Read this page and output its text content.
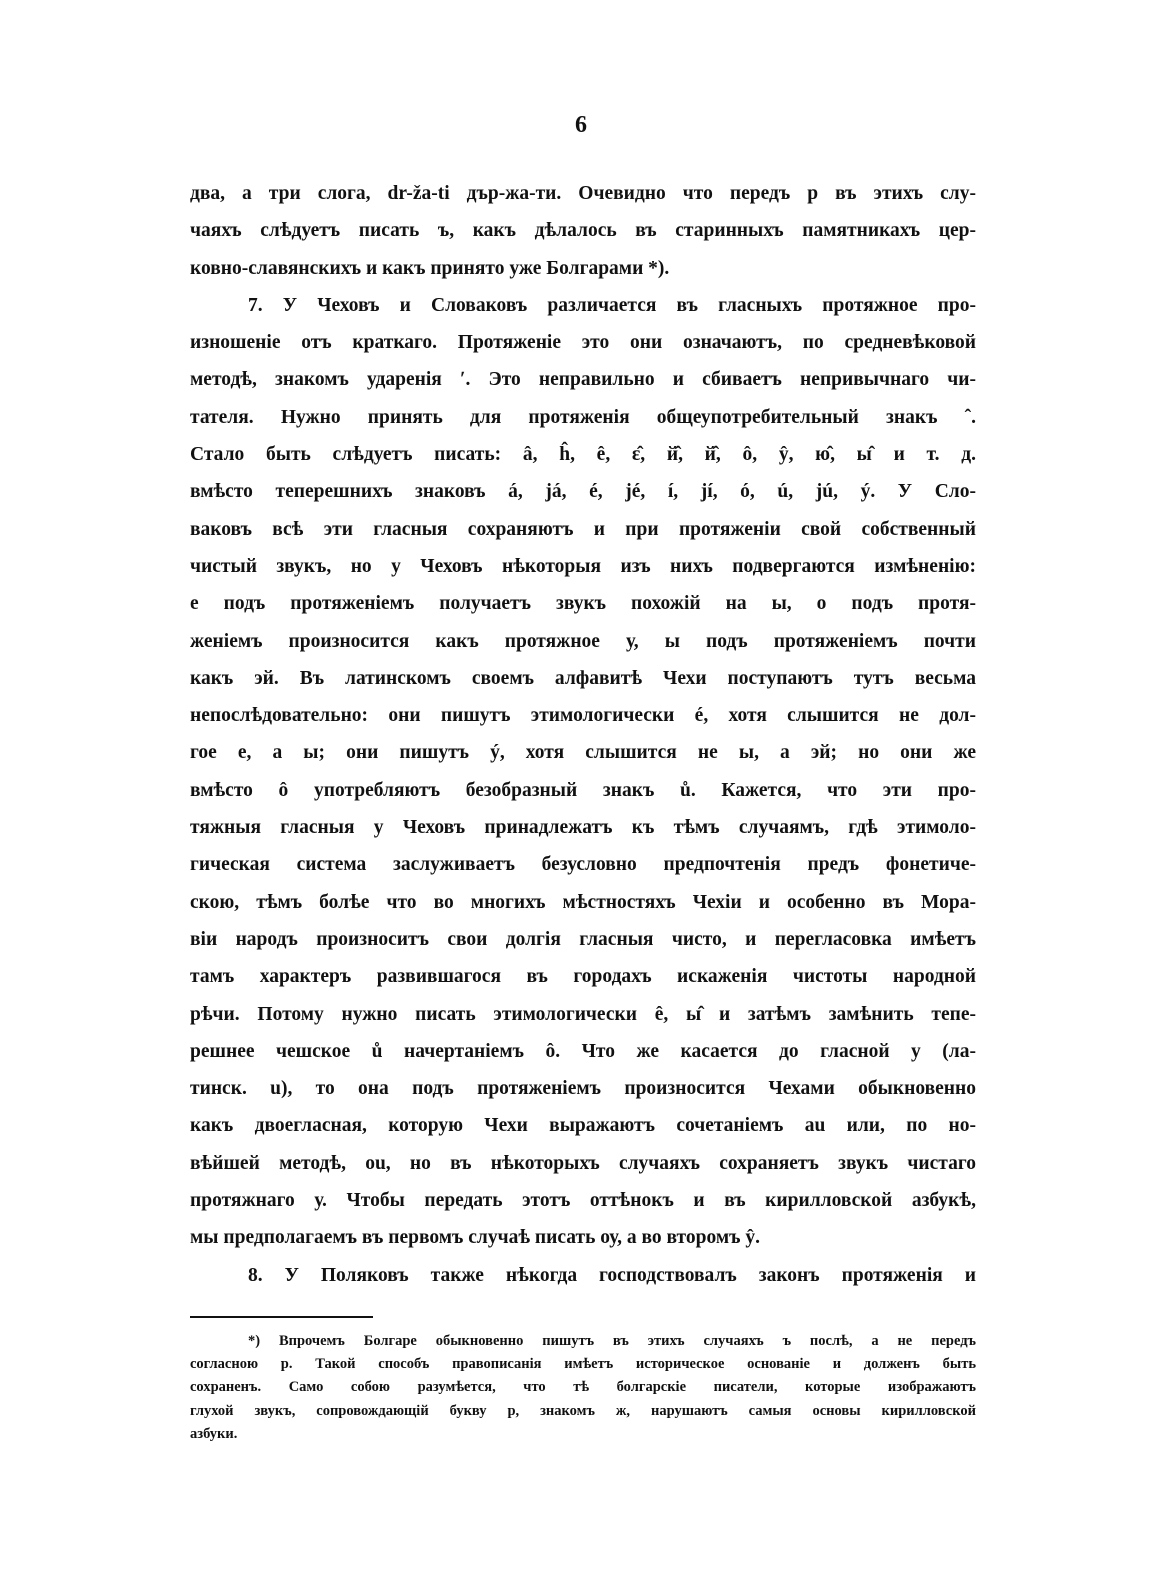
6
два, а три слога, dr-ža-ti дър-жа-ти. Очевидно что передъ р въ этихъ слу-
чаяхъ слѣдуетъ писать ъ, какъ дѣлалось въ старинныхъ памятникахъ цер-
ковно-славянскихъ и какъ принято уже Болгарами *).
7. У Чеховъ и Словаковъ различается въ гласныхъ протяжное про-
изношеніе отъ краткаго. Протяженіе это они означаютъ, по средневѣковой
методѣ, знакомъ ударенія ʹ. Это неправильно и сбиваетъ непривычнаго чи-
тателя. Нужно принять для протяженія общеупотребительный знакъ ˆ.
Стало быть слѣдуетъ писать: â, ĥ, ê, ɛ̂, й̂, й̂, ô, ŷ, ю̂, ы̂ и т. д.
вмѣсто теперешнихъ знаковъ á, já, é, jé, í, jí, ó, ú, jú, ý. У Сло-
ваковъ всѣ эти гласныя сохраняютъ и при протяженіи свой собственный
чистый звукъ, но у Чеховъ нѣкоторыя изъ нихъ подвергаются измѣненію:
е подъ протяженіемъ получаетъ звукъ похожій на ы, о подъ протя-
женіемъ произносится какъ протяжное у, ы подъ протяженіемъ почти
какъ эй. Въ латинскомъ своемъ алфавитѣ Чехи поступаютъ тутъ весьма
непослѣдовательно: они пишутъ этимологически é, хотя слышится не дол-
гое е, а ы; они пишутъ ý, хотя слышится не ы, а эй; но они же
вмѣсто ô употребляютъ безобразный знакъ ů. Кажется, что эти про-
тяжныя гласныя у Чеховъ принадлежатъ къ тѣмъ случаямъ, гдѣ этимоло-
гическая система заслуживаетъ безусловно предпочтенія предъ фонетиче-
скою, тѣмъ болѣе что во многихъ мѣстностяхъ Чехіи и особенно въ Мора-
віи народъ произноситъ свои долгія гласныя чисто, и перегласовка имѣетъ
тамъ характеръ развившагося въ городахъ искаженія чистоты народной
рѣчи. Потому нужно писать этимологически ê, ы̂ и затѣмъ замѣнить тепе-
решнее чешское ů начертаніемъ ô. Что же касается до гласной у (ла-
тинск. u), то она подъ протяженіемъ произносится Чехами обыкновенно
какъ двоегласная, которую Чехи выражаютъ сочетаніемъ au или, по но-
вѣйшей методѣ, ou, но въ нѣкоторыхъ случаяхъ сохраняетъ звукъ чистаго
протяжнаго у. Чтобы передать этотъ оттѣнокъ и въ кирилловской азбукѣ,
мы предполагаемъ въ первомъ случаѣ писать оу, а во второмъ ŷ.
8. У Поляковъ также нѣкогда господствовалъ законъ протяженія и
*) Впрочемъ Болгаре обыкновенно пишутъ въ этихъ случаяхъ ъ послѣ, а не передъ
согласною р. Такой способъ правописанія имѣетъ историческое основаніе и долженъ быть
сохраненъ. Само собою разумѣется, что тѣ болгарскіе писатели, которые изображаютъ
глухой звукъ, сопровождающій букву р, знакомъ ж, нарушаютъ самыя основы кирилловской
азбуки.
